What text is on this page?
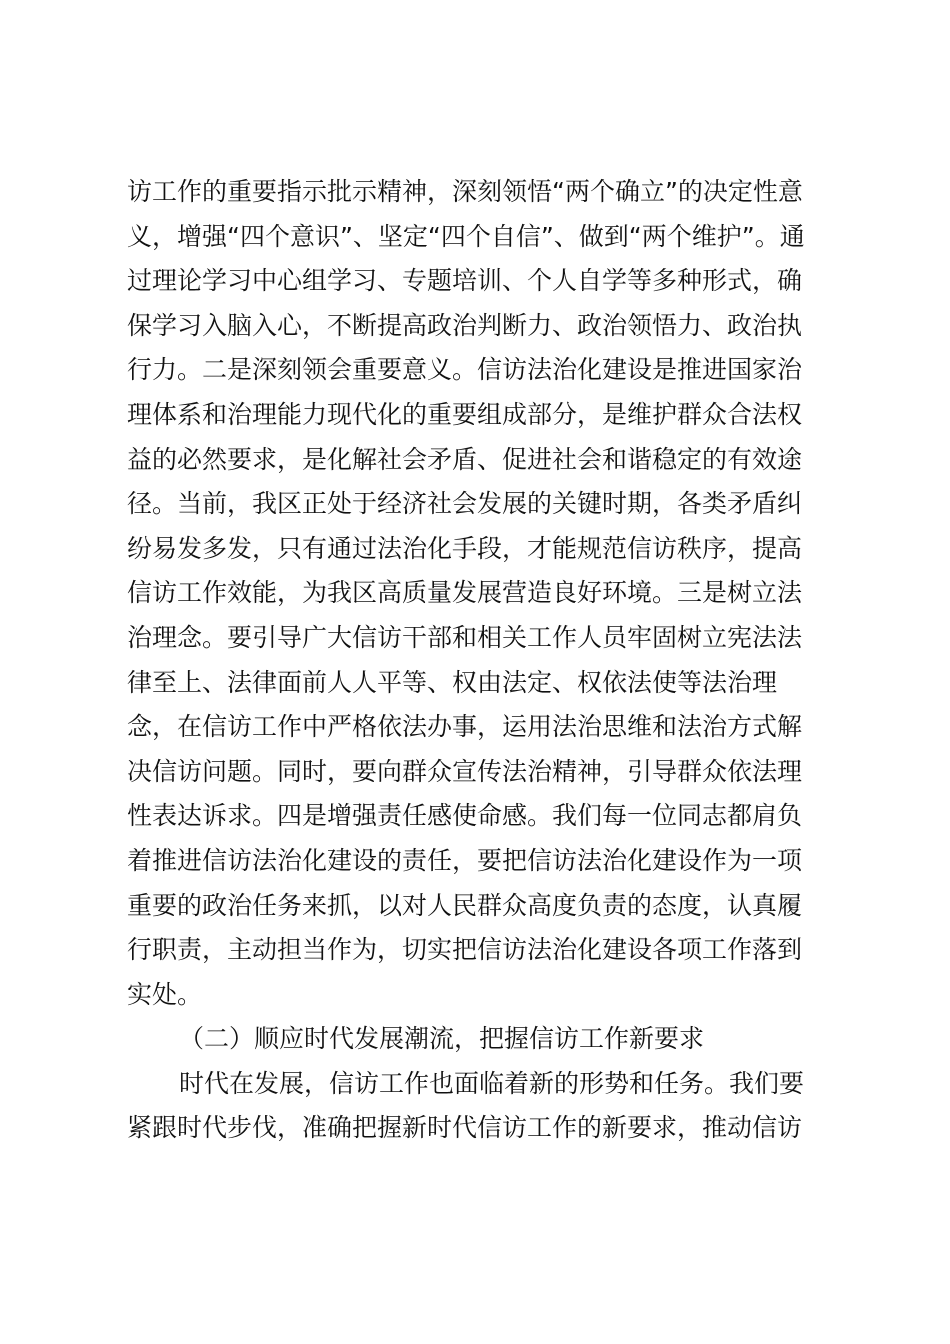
访工作的重要指示批示精神，深刻领悟“两个确立”的决定性意
义，增强“四个意识”、坚定“四个自信”、做到“两个维护”。通
过理论学习中心组学习、专题培训、个人自学等多种形式，确
保学习入脑入心，不断提高政治判断力、政治领悟力、政治执
行力。二是深刻领会重要意义。信访法治化建设是推进国家治
理体系和治理能力现代化的重要组成部分，是维护群众合法权
益的必然要求，是化解社会矛盾、促进社会和谐稳定的有效途
径。当前，我区正处于经济社会发展的关键时期，各类矛盾纠
纷易发多发，只有通过法治化手段，才能规范信访秩序，提高
信访工作效能，为我区高质量发展营造良好环境。三是树立法
治理念。要引导广大信访干部和相关工作人员牢固树立宪法法
律至上、法律面前人人平等、权由法定、权依法使等法治理
念，在信访工作中严格依法办事，运用法治思维和法治方式解
决信访问题。同时，要向群众宣传法治精神，引导群众依法理
性表达诉求。四是增强责任感使命感。我们每一位同志都肩负
着推进信访法治化建设的责任，要把信访法治化建设作为一项
重要的政治任务来抓，以对人民群众高度负责的态度，认真履
行职责，主动担当作为，切实把信访法治化建设各项工作落到
实处。
（二）顺应时代发展潮流，把握信访工作新要求
时代在发展，信访工作也面临着新的形势和任务。我们要
紧跟时代步伐，准确把握新时代信访工作的新要求，推动信访
